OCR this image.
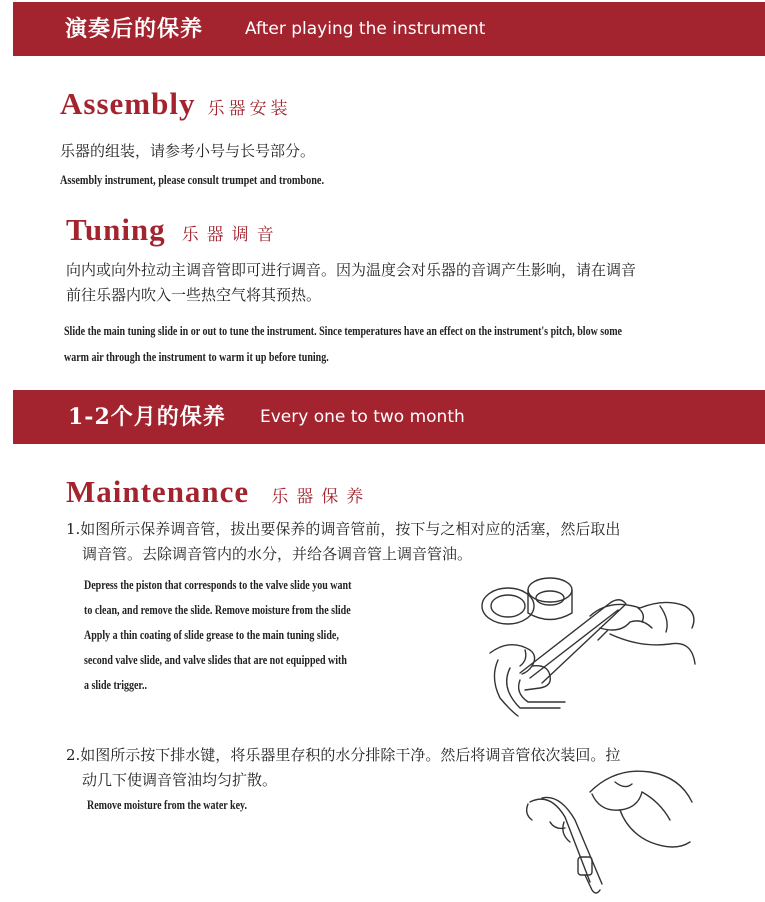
演奏后的保养 After playing the instrument
Assembly 乐器安装
乐器的组装，请参考小号与长号部分。
Assembly instrument, please consult trumpet and trombone.
Tuning 乐器调音
向内或向外拉动主调音管即可进行调音。因为温度会对乐器的音调产生影响，请在调音
前往乐器内吹入一些热空气将其预热。
Slide the main tuning slide in or out to tune the instrument. Since temperatures have an effect on the instrument's pitch, blow some
warm air through the instrument to warm it up before tuning.
1-2个月的保养 Every one to two month
Maintenance 乐器保养
1.如图所示保养调音管，拔出要保养的调音管前，按下与之相对应的活塞，然后取出
调音管。去除调音管内的水分，并给各调音管上调音管油。
Depress the piston that corresponds to the valve slide you want
to clean, and remove the slide. Remove moisture from the slide
Apply a thin coating of slide grease to the main tuning slide,
second valve slide, and valve slides that are not equipped with
a slide trigger..
2.如图所示按下排水键，将乐器里存积的水分排除干净。然后将调音管依次装回。拉
动几下使调音管油均匀扩散。
Remove moisture from the water key.
